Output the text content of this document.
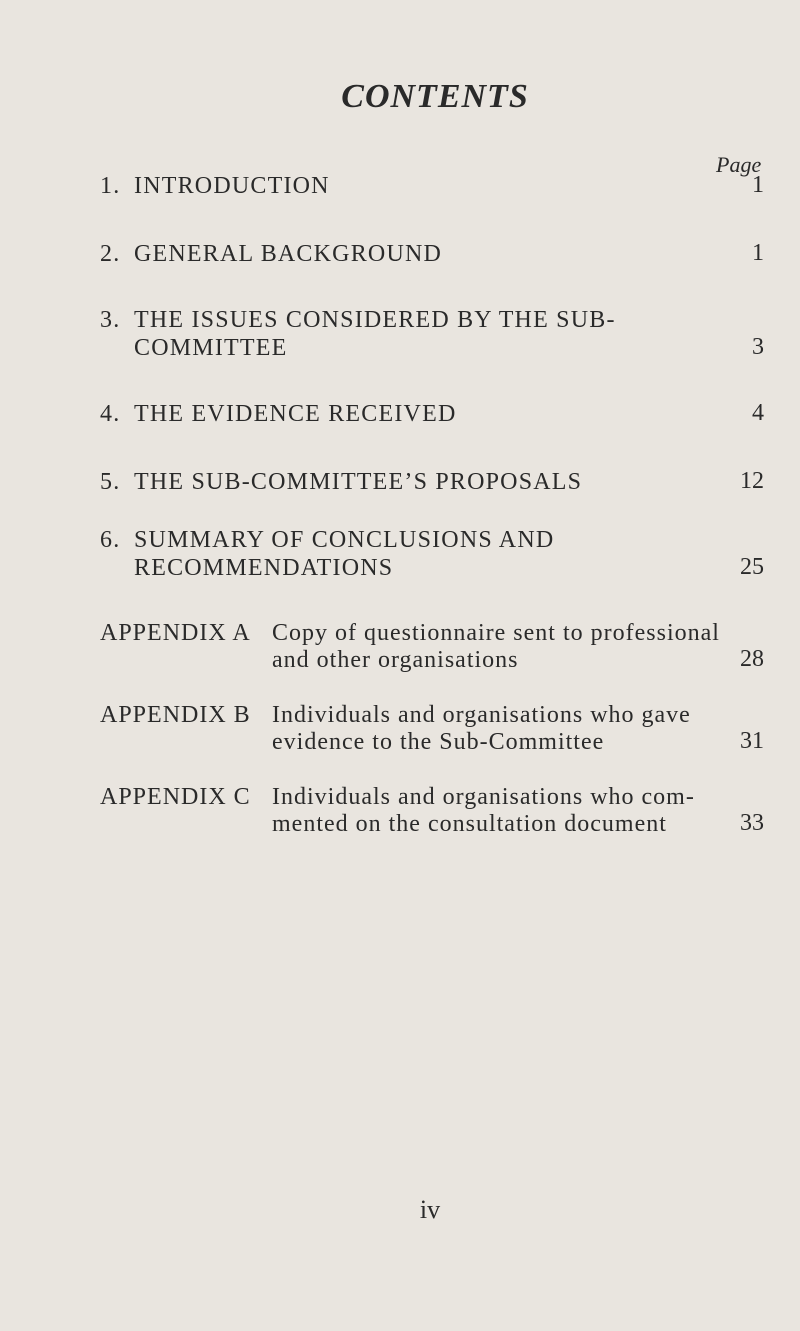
CONTENTS
Page
1. INTRODUCTION	1
2. GENERAL BACKGROUND	1
3. THE ISSUES CONSIDERED BY THE SUB-
COMMITTEE	3
4. THE EVIDENCE RECEIVED	4
5. THE SUB-COMMITTEE’S PROPOSALS	12
6. SUMMARY OF CONCLUSIONS AND
RECOMMENDATIONS	25
APPENDIX A Copy of questionnaire sent to professional
and other organisations	28
APPENDIX B Individuals and organisations who gave
evidence to the Sub-Committee	31
APPENDIX C Individuals and organisations who com-
mented on the consultation document	33
iv
